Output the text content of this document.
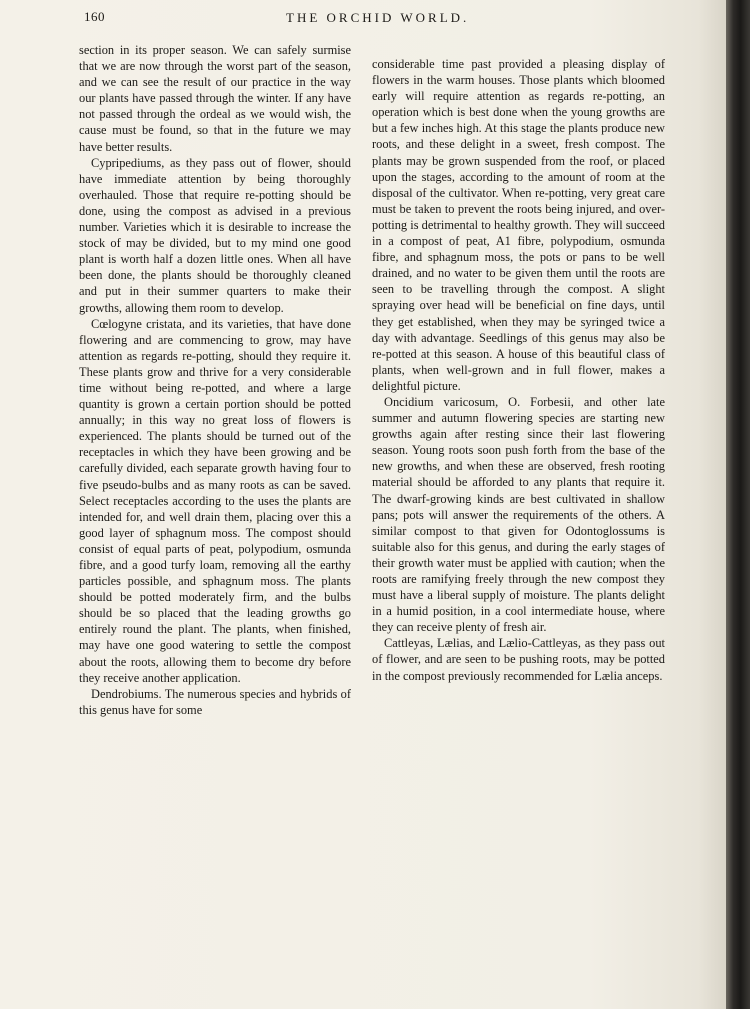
160	THE ORCHID WORLD.

section in its proper season. We can safely surmise that we are now through the worst part of the season, and we can see the result of our practice in the way our plants have passed through the winter. If any have not passed through the ordeal as we would wish, the cause must be found, so that in the future we may have better results.

Cypripediums, as they pass out of flower, should have immediate attention by being thoroughly overhauled. Those that require re-potting should be done, using the compost as advised in a previous number. Varieties which it is desirable to increase the stock of may be divided, but to my mind one good plant is worth half a dozen little ones. When all have been done, the plants should be thoroughly cleaned and put in their summer quarters to make their growths, allowing them room to develop.

Cœlogyne cristata, and its varieties, that have done flowering and are commencing to grow, may have attention as regards re-potting, should they require it. These plants grow and thrive for a very considerable time without being re-potted, and where a large quantity is grown a certain portion should be potted annually; in this way no great loss of flowers is experienced. The plants should be turned out of the receptacles in which they have been growing and be carefully divided, each separate growth having four to five pseudo-bulbs and as many roots as can be saved. Select receptacles according to the uses the plants are intended for, and well drain them, placing over this a good layer of sphagnum moss. The compost should consist of equal parts of peat, polypodium, osmunda fibre, and a good turfy loam, removing all the earthy particles possible, and sphagnum moss. The plants should be potted moderately firm, and the bulbs should be so placed that the leading growths go entirely round the plant. The plants, when finished, may have one good watering to settle the compost about the roots, allowing them to become dry before they receive another application.

Dendrobiums. The numerous species and hybrids of this genus have for some

considerable time past provided a pleasing display of flowers in the warm houses. Those plants which bloomed early will require attention as regards re-potting, an operation which is best done when the young growths are but a few inches high. At this stage the plants produce new roots, and these delight in a sweet, fresh compost. The plants may be grown suspended from the roof, or placed upon the stages, according to the amount of room at the disposal of the cultivator. When re-potting, very great care must be taken to prevent the roots being injured, and over-potting is detrimental to healthy growth. They will succeed in a compost of peat, A1 fibre, polypodium, osmunda fibre, and sphagnum moss, the pots or pans to be well drained, and no water to be given them until the roots are seen to be travelling through the compost. A slight spraying over head will be beneficial on fine days, until they get established, when they may be syringed twice a day with advantage. Seedlings of this genus may also be re-potted at this season. A house of this beautiful class of plants, when well-grown and in full flower, makes a delightful picture.

Oncidium varicosum, O. Forbesii, and other late summer and autumn flowering species are starting new growths again after resting since their last flowering season. Young roots soon push forth from the base of the new growths, and when these are observed, fresh rooting material should be afforded to any plants that require it. The dwarf-growing kinds are best cultivated in shallow pans; pots will answer the requirements of the others. A similar compost to that given for Odontoglossums is suitable also for this genus, and during the early stages of their growth water must be applied with caution; when the roots are ramifying freely through the new compost they must have a liberal supply of moisture. The plants delight in a humid position, in a cool intermediate house, where they can receive plenty of fresh air.

Cattleyas, Lælias, and Lælio-Cattleyas, as they pass out of flower, and are seen to be pushing roots, may be potted in the compost previously recommended for Lælia anceps.
